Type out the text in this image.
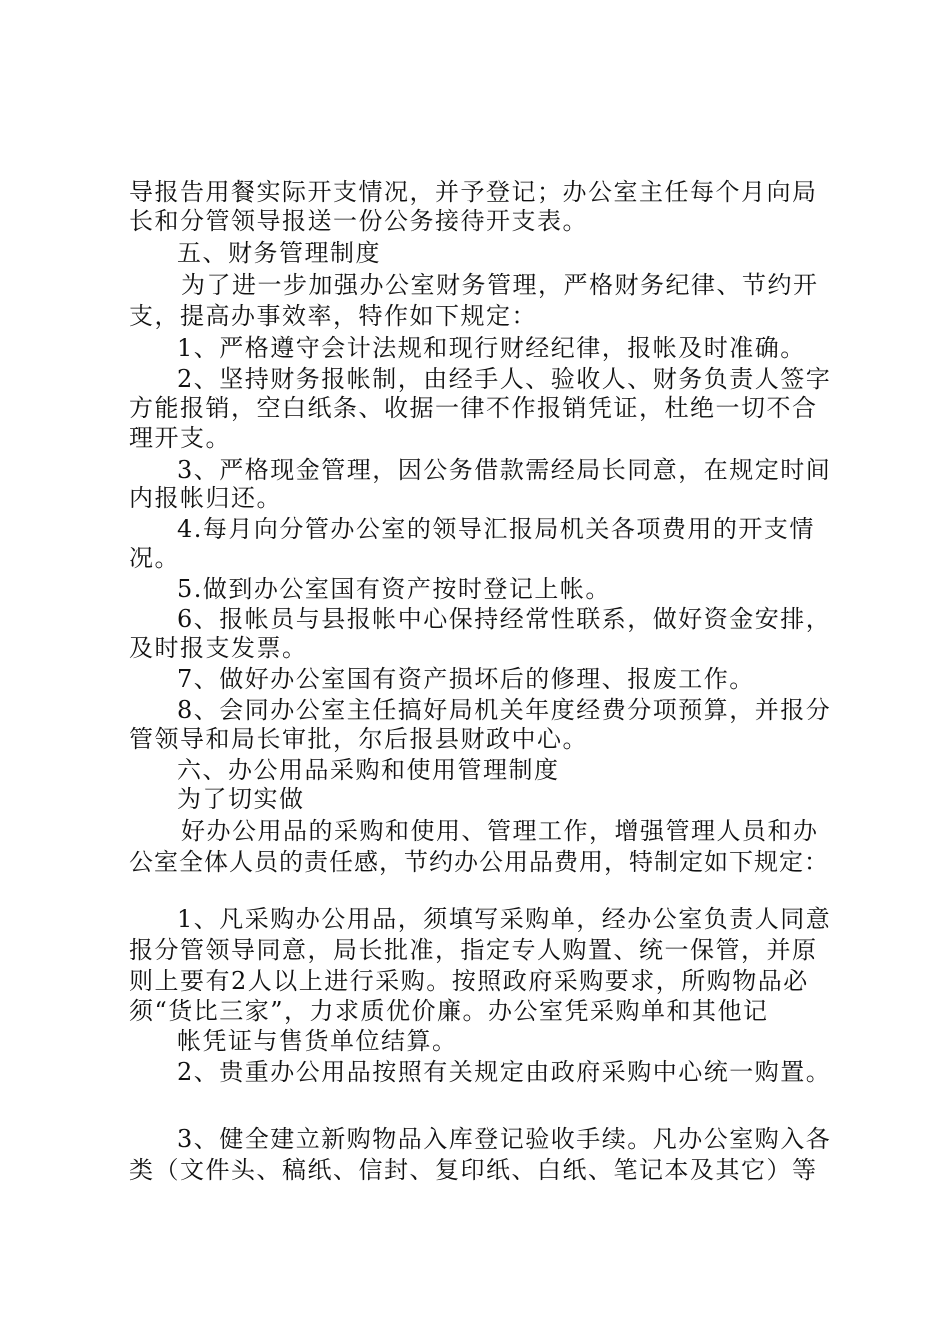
导报告用餐实际开支情况，并予登记；办公室主任每个月向局
长和分管领导报送一份公务接待开支表。
五、财务管理制度
为了进一步加强办公室财务管理，严格财务纪律、节约开
支，提高办事效率，特作如下规定：
1、严格遵守会计法规和现行财经纪律，报帐及时准确。
2、坚持财务报帐制，由经手人、验收人、财务负责人签字
方能报销，空白纸条、收据一律不作报销凭证，杜绝一切不合
理开支。
3、严格现金管理，因公务借款需经局长同意，在规定时间
内报帐归还。
4.每月向分管办公室的领导汇报局机关各项费用的开支情
况。
5.做到办公室国有资产按时登记上帐。
6、报帐员与县报帐中心保持经常性联系，做好资金安排，
及时报支发票。
7、做好办公室国有资产损坏后的修理、报废工作。
8、会同办公室主任搞好局机关年度经费分项预算，并报分
管领导和局长审批，尔后报县财政中心。
六、办公用品采购和使用管理制度
为了切实做
好办公用品的采购和使用、管理工作，增强管理人员和办
公室全体人员的责任感，节约办公用品费用，特制定如下规定：
1、凡采购办公用品，须填写采购单，经办公室负责人同意
报分管领导同意，局长批准，指定专人购置、统一保管，并原
则上要有2人以上进行采购。按照政府采购要求，所购物品必
须“货比三家”，力求质优价廉。办公室凭采购单和其他记
帐凭证与售货单位结算。
2、贵重办公用品按照有关规定由政府采购中心统一购置。
3、健全建立新购物品入库登记验收手续。凡办公室购入各
类（文件头、稿纸、信封、复印纸、白纸、笔记本及其它）等
